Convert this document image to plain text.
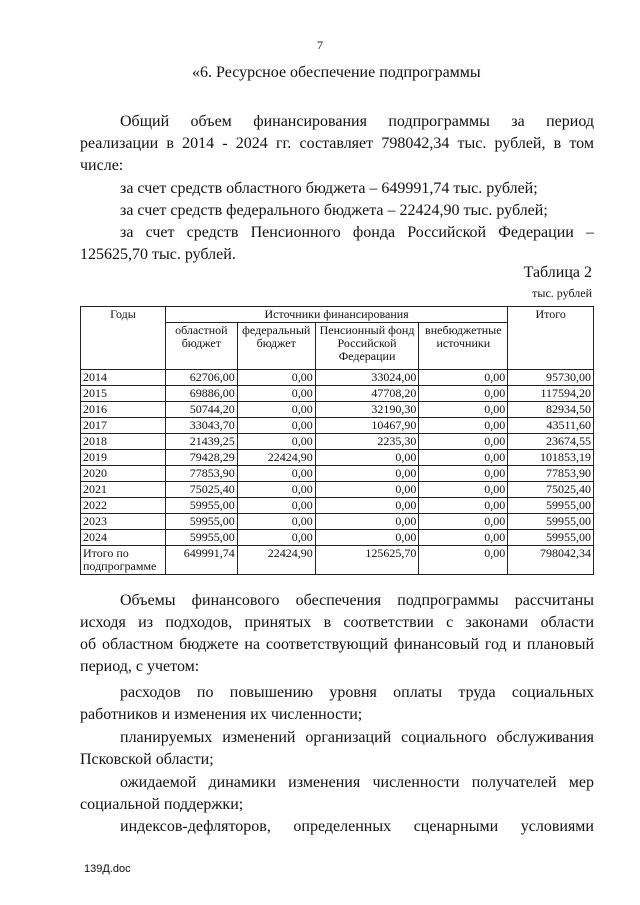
7
«6. Ресурсное обеспечение подпрограммы
Общий объем финансирования подпрограммы за период
реализации в 2014 - 2024 гг. составляет 798042,34 тыс. рублей, в том
числе:
за счет средств областного бюджета – 649991,74 тыс. рублей;
за счет средств федерального бюджета – 22424,90 тыс. рублей;
за счет средств Пенсионного фонда Российской Федерации –
125625,70 тыс. рублей.
Таблица 2
тыс. рублей
Годы	Источники финансирования				Итого
	областной бюджет	федеральный бюджет	Пенсионный фонд Российской Федерации	внебюджетные источники	
2014	62706,00	0,00	33024,00	0,00	95730,00
2015	69886,00	0,00	47708,20	0,00	117594,20
2016	50744,20	0,00	32190,30	0,00	82934,50
2017	33043,70	0,00	10467,90	0,00	43511,60
2018	21439,25	0,00	2235,30	0,00	23674,55
2019	79428,29	22424,90	0,00	0,00	101853,19
2020	77853,90	0,00	0,00	0,00	77853,90
2021	75025,40	0,00	0,00	0,00	75025,40
2022	59955,00	0,00	0,00	0,00	59955,00
2023	59955,00	0,00	0,00	0,00	59955,00
2024	59955,00	0,00	0,00	0,00	59955,00
Итого по подпрограмме	649991,74	22424,90	125625,70	0,00	798042,34
Объемы финансового обеспечения подпрограммы рассчитаны
исходя из подходов, принятых в соответствии с законами области
об областном бюджете на соответствующий финансовый год и плановый
период, с учетом:
расходов по повышению уровня оплаты труда социальных
работников и изменения их численности;
планируемых изменений организаций социального обслуживания
Псковской области;
ожидаемой динамики изменения численности получателей мер
социальной поддержки;
индексов-дефляторов, определенных сценарными условиями
139Д.doc
